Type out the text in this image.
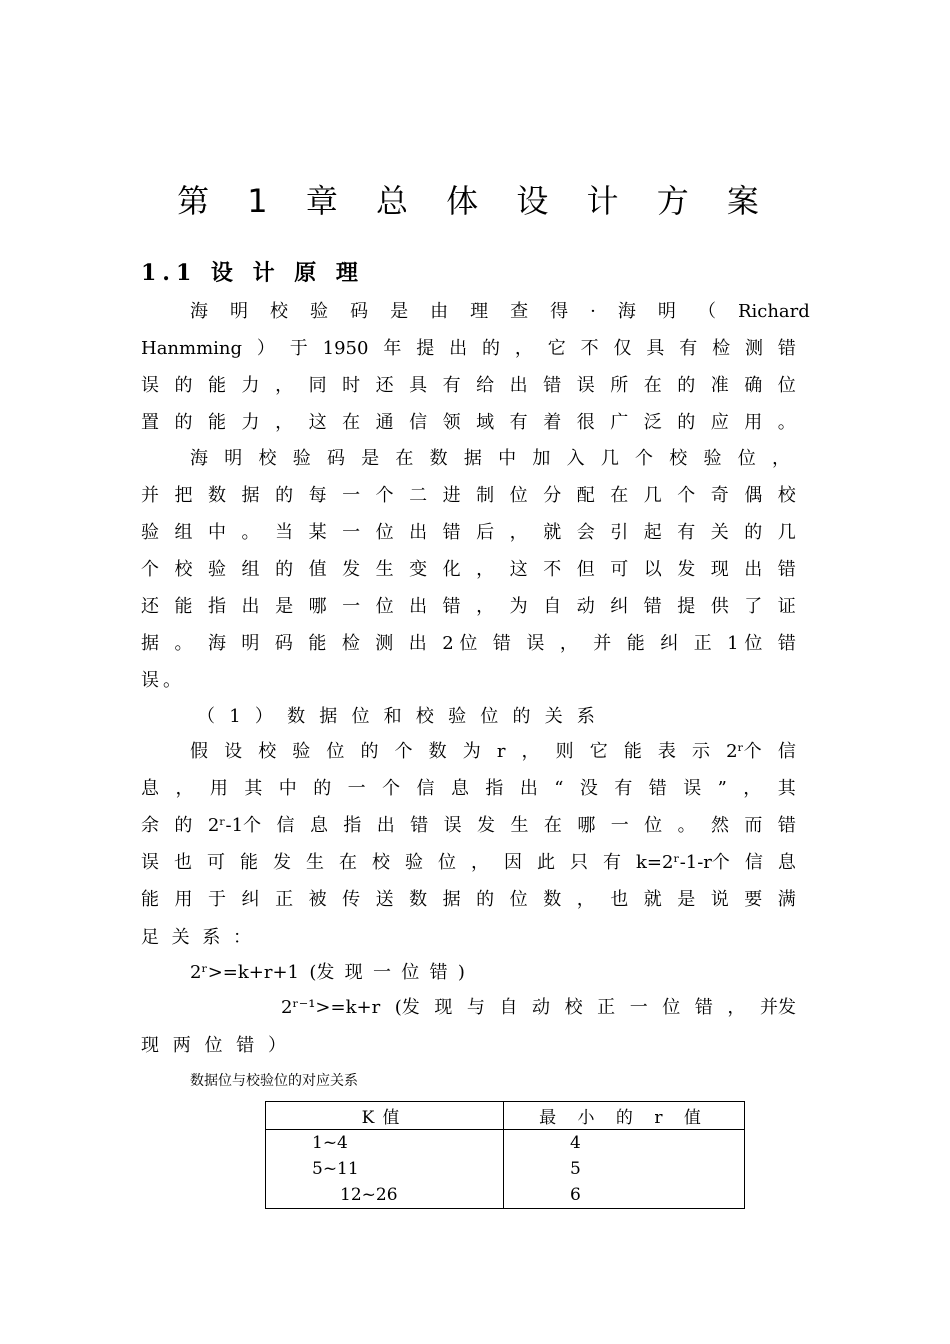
第 1 章 总 体 设 计 方 案
1.1 设 计 原 理
海 明 校 验 码 是 由 理 查 得 · 海 明 （ Richard
Hanmming ） 于 1950 年 提 出 的 ， 它 不 仅 具 有 检 测 错
误 的 能 力 ， 同 时 还 具 有 给 出 错 误 所 在 的 准 确 位
置 的 能 力 ， 这 在 通 信 领 域 有 着 很 广 泛 的 应 用 。
海 明 校 验 码 是 在 数 据 中 加 入 几 个 校 验 位 ，
并 把 数 据 的 每 一 个 二 进 制 位 分 配 在 几 个 奇 偶 校
验 组 中 。 当 某 一 位 出 错 后 ， 就 会 引 起 有 关 的 几
个 校 验 组 的 值 发 生 变 化 ， 这 不 但 可 以 发 现 出 错
还 能 指 出 是 哪 一 位 出 错 ， 为 自 动 纠 错 提 供 了 证
据 。 海 明 码 能 检 测 出 2 位 错 误 ， 并 能 纠 正 1 位 错
误 。
（ 1 ） 数 据 位 和 校 验 位 的 关 系
假 设 校 验 位 的 个 数 为 r ， 则 它 能 表 示 2ʳ个 信
息 ， 用 其 中 的 一 个 信 息 指 出 “ 没 有 错 误 ” ， 其
余 的 2ʳ-1个 信 息 指 出 错 误 发 生 在 哪 一 位 。 然 而 错
误 也 可 能 发 生 在 校 验 位 ， 因 此 只 有 k=2ʳ-1-r个 信 息
能 用 于 纠 正 被 传 送 数 据 的 位 数 ， 也 就 是 说 要 满
足 关 系 ：
2ʳ>=k+r+1 (发 现 一 位 错 )
2ʳ⁻¹>=k+r (发 现 与 自 动 校 正 一 位 错 ， 并发
现 两 位 错 ）
数据位与校验位的对应关系
K值	最 小 的 r 值
1~4	4
5~11	5
12~26	6
